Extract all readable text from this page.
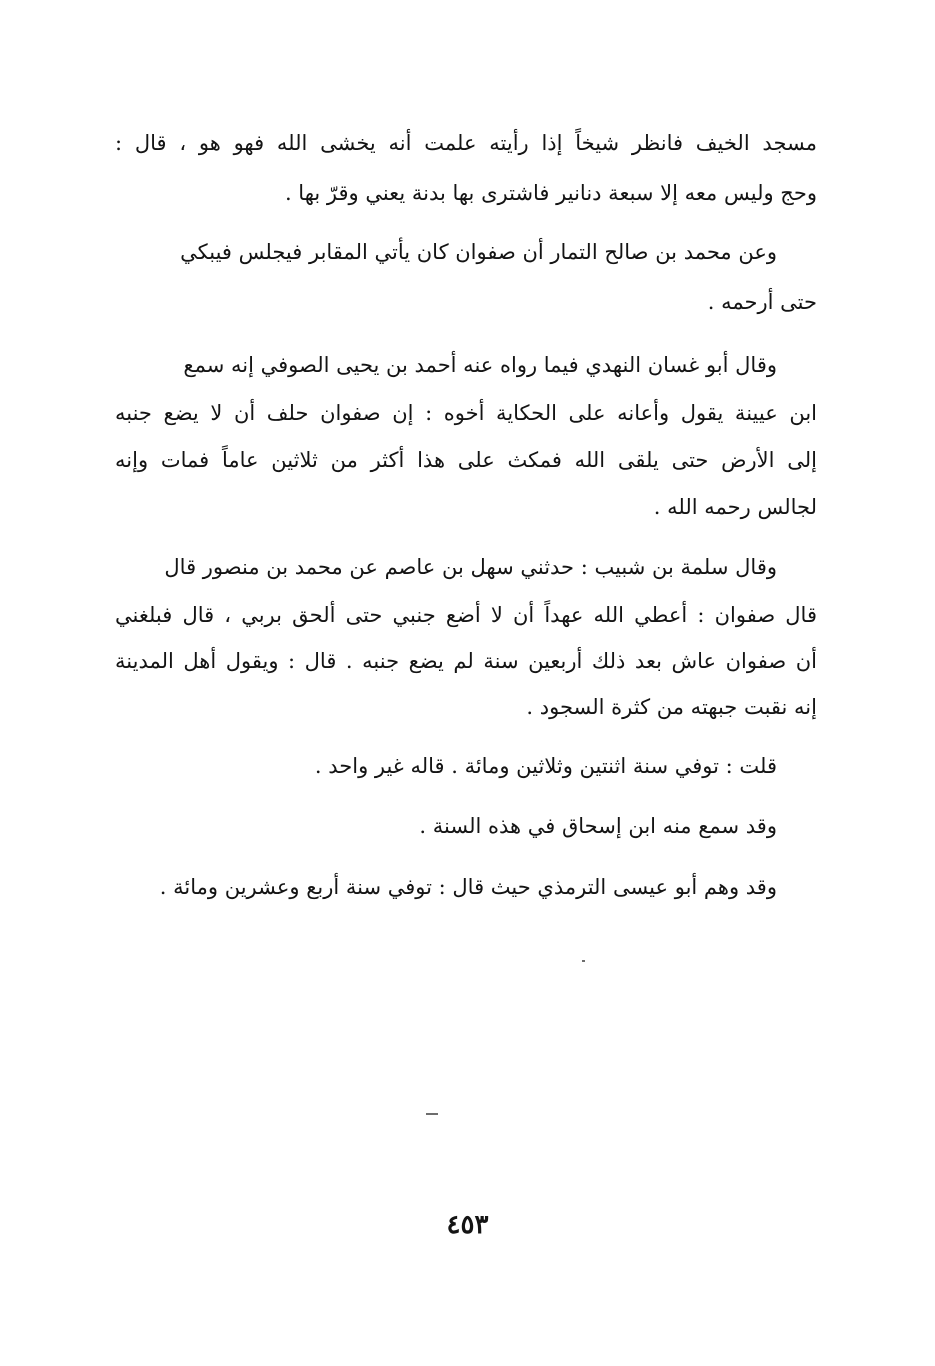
مسجد الخيف فانظر شيخاً إذا رأيته علمت أنه يخشى الله فهو هو ، قال :
وحج وليس معه إلا سبعة دنانير فاشترى بها بدنة يعني وقرّ بها .
وعن محمد بن صالح التمار أن صفوان كان يأتي المقابر فيجلس فيبكي
حتى أرحمه .
وقال أبو غسان النهدي فيما رواه عنه أحمد بن يحيى الصوفي إنه سمع
ابن عيينة يقول وأعانه على الحكاية أخوه : إن صفوان حلف أن لا يضع جنبه
إلى الأرض حتى يلقى الله فمكث على هذا أكثر من ثلاثين عاماً فمات وإنه
لجالس رحمه الله .
وقال سلمة بن شبيب : حدثني سهل بن عاصم عن محمد بن منصور قال
قال صفوان : أعطي الله عهداً أن لا أضع جنبي حتى ألحق بربي ، قال فبلغني
أن صفوان عاش بعد ذلك أربعين سنة لم يضع جنبه . قال : ويقول أهل المدينة
إنه نقبت جبهته من كثرة السجود .
قلت : توفي سنة اثنتين وثلاثين ومائة . قاله غير واحد .
وقد سمع منه ابن إسحاق في هذه السنة .
وقد وهم أبو عيسى الترمذي حيث قال : توفي سنة أربع وعشرين ومائة .
٤٥٣
